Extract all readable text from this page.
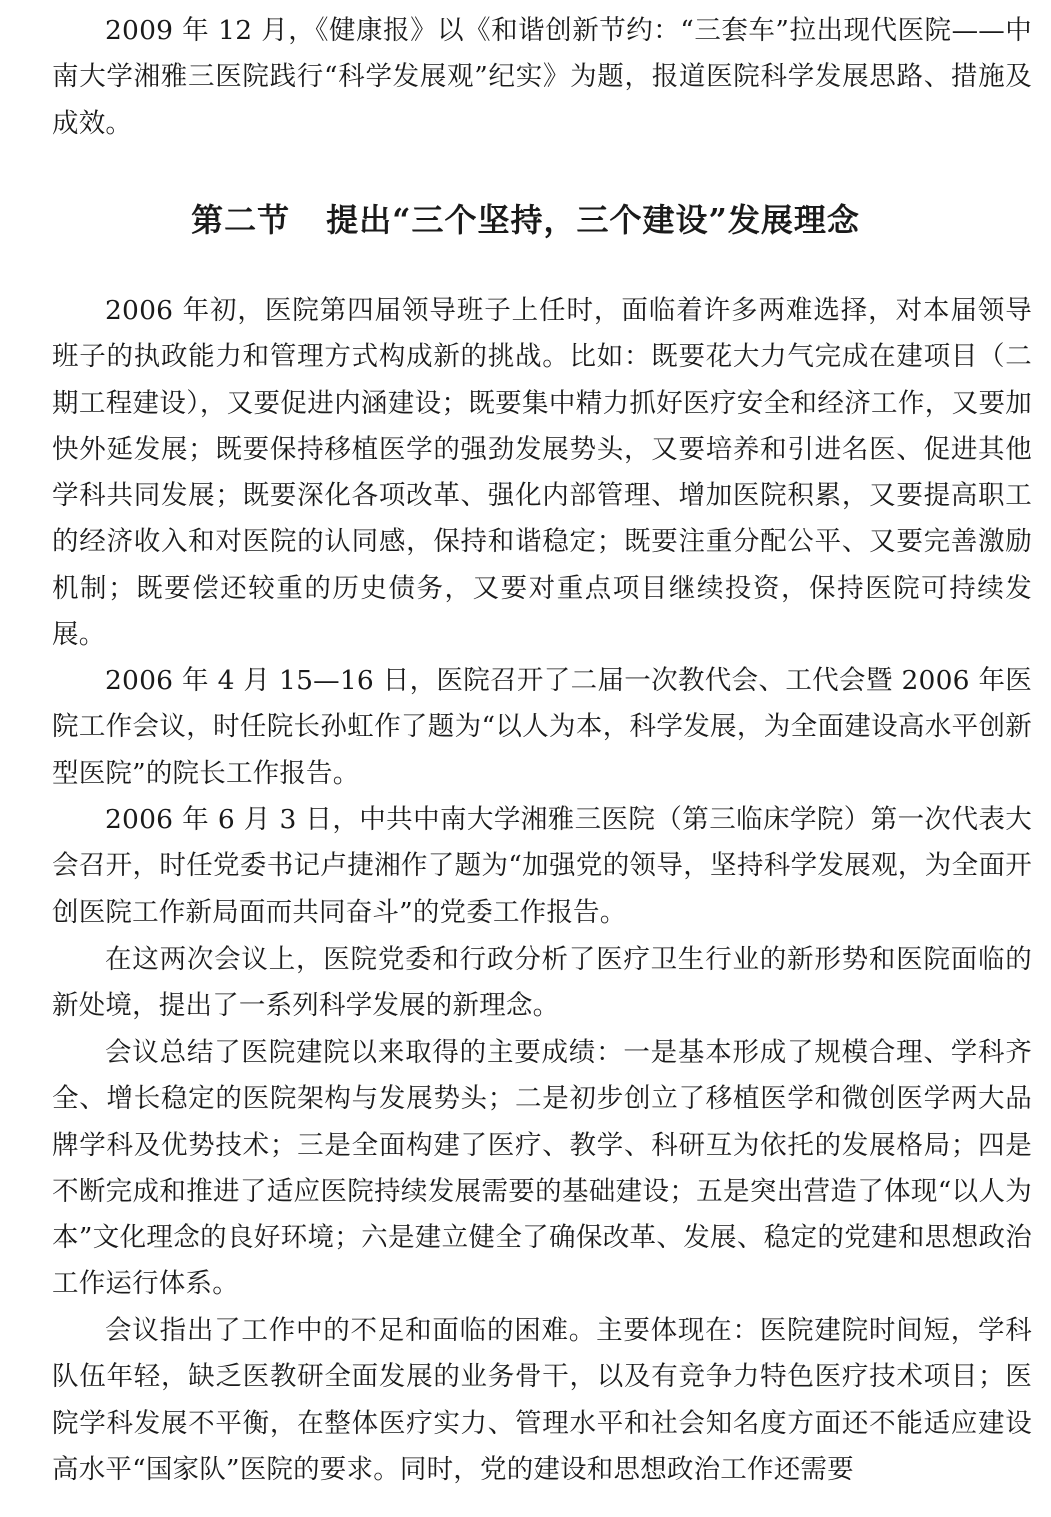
2009 年 12 月，《健康报》以《和谐创新节约：“三套车”拉出现代医院——中南大学湘雅三医院践行“科学发展观”纪实》为题，报道医院科学发展思路、措施及成效。

第二节 提出“三个坚持，三个建设”发展理念

2006 年初，医院第四届领导班子上任时，面临着许多两难选择，对本届领导班子的执政能力和管理方式构成新的挑战。比如：既要花大力气完成在建项目（二期工程建设），又要促进内涵建设；既要集中精力抓好医疗安全和经济工作，又要加快外延发展；既要保持移植医学的强劲发展势头，又要培养和引进名医、促进其他学科共同发展；既要深化各项改革、强化内部管理、增加医院积累，又要提高职工的经济收入和对医院的认同感，保持和谐稳定；既要注重分配公平、又要完善激励机制；既要偿还较重的历史债务，又要对重点项目继续投资，保持医院可持续发展。

2006 年 4 月 15—16 日，医院召开了二届一次教代会、工代会暨 2006 年医院工作会议，时任院长孙虹作了题为“以人为本，科学发展，为全面建设高水平创新型医院”的院长工作报告。

2006 年 6 月 3 日，中共中南大学湘雅三医院（第三临床学院）第一次代表大会召开，时任党委书记卢捷湘作了题为“加强党的领导，坚持科学发展观，为全面开创医院工作新局面而共同奋斗”的党委工作报告。

在这两次会议上，医院党委和行政分析了医疗卫生行业的新形势和医院面临的新处境，提出了一系列科学发展的新理念。

会议总结了医院建院以来取得的主要成绩：一是基本形成了规模合理、学科齐全、增长稳定的医院架构与发展势头；二是初步创立了移植医学和微创医学两大品牌学科及优势技术；三是全面构建了医疗、教学、科研互为依托的发展格局；四是不断完成和推进了适应医院持续发展需要的基础建设；五是突出营造了体现“以人为本”文化理念的良好环境；六是建立健全了确保改革、发展、稳定的党建和思想政治工作运行体系。

会议指出了工作中的不足和面临的困难。主要体现在：医院建院时间短，学科队伍年轻，缺乏医教研全面发展的业务骨干，以及有竞争力特色医疗技术项目；医院学科发展不平衡，在整体医疗实力、管理水平和社会知名度方面还不能适应建设高水平“国家队”医院的要求。同时，党的建设和思想政治工作还需要
